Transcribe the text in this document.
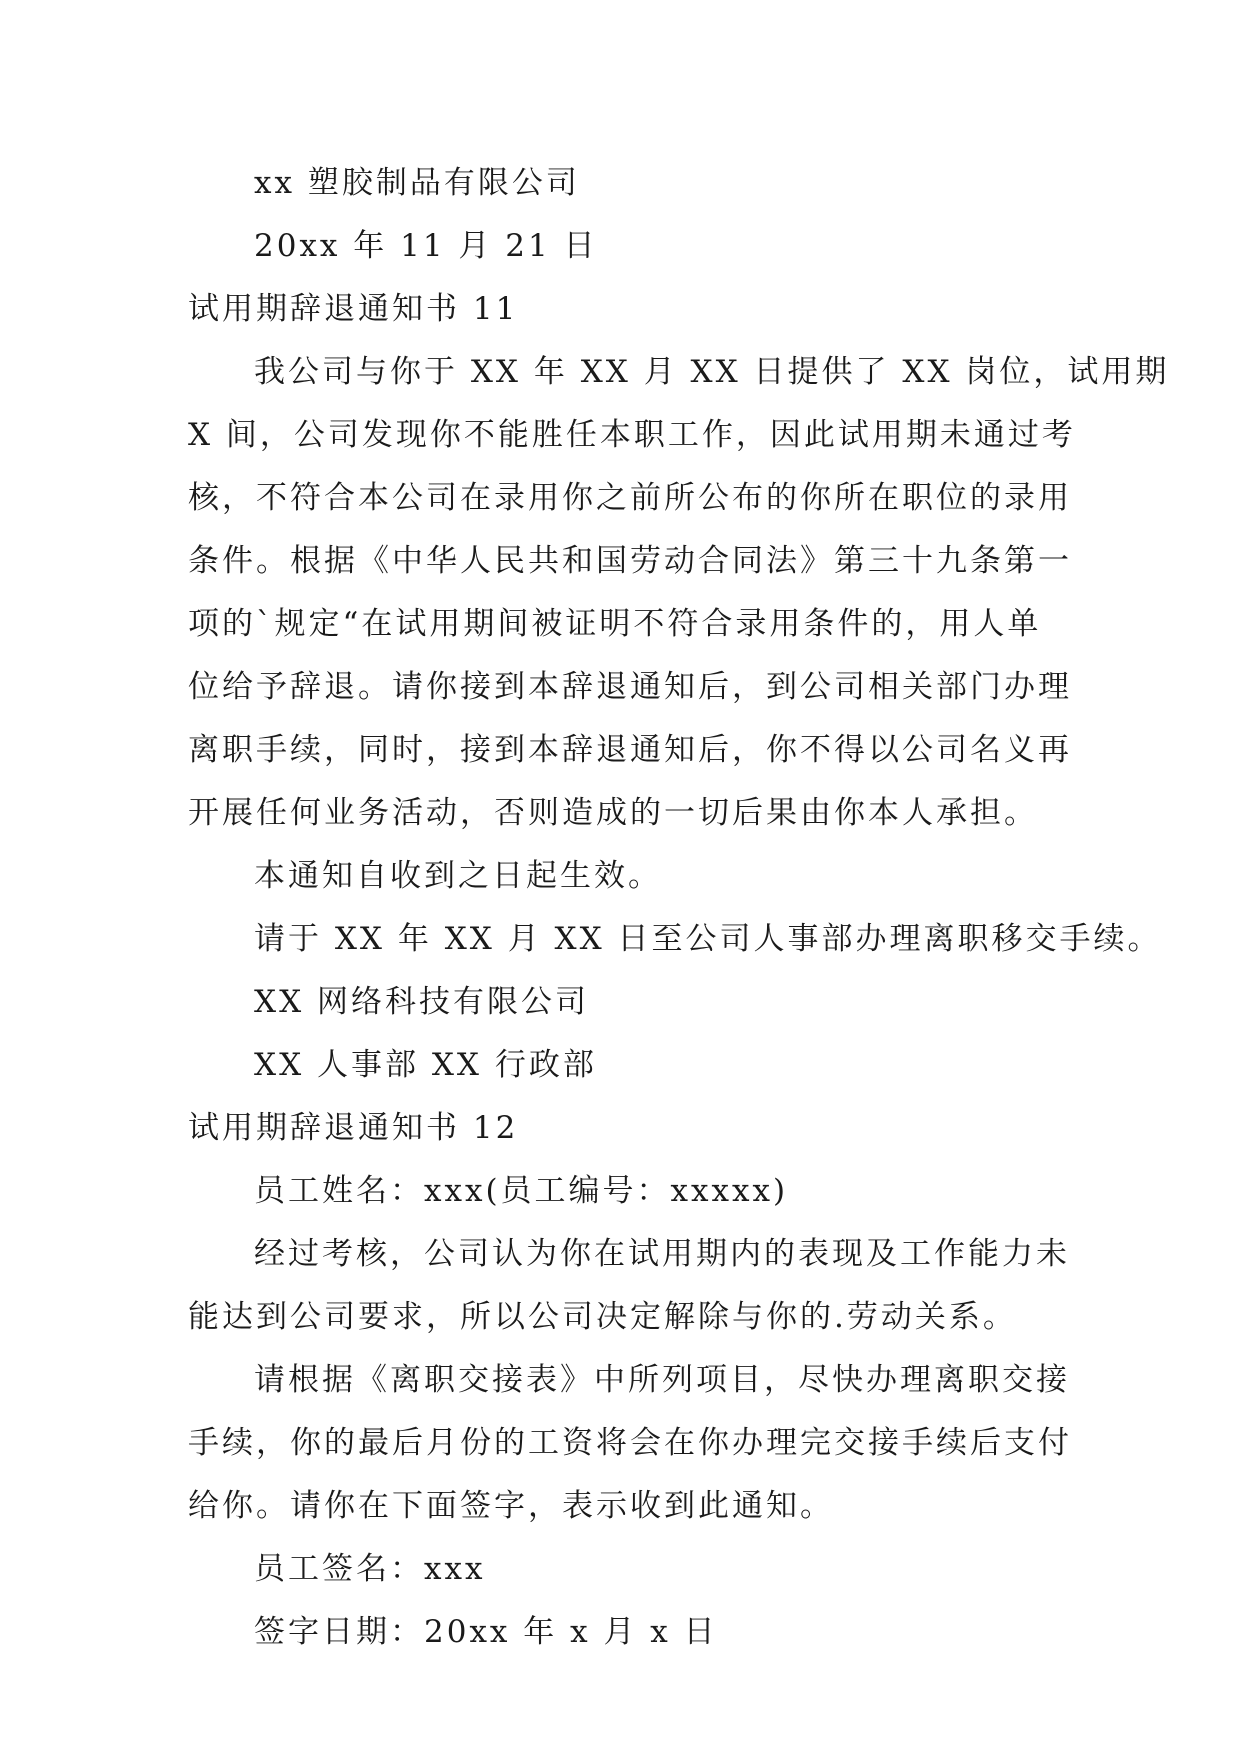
xx 塑胶制品有限公司
20xx 年 11 月 21 日
试用期辞退通知书 11
我公司与你于 XX 年 XX 月 XX 日提供了 XX 岗位，试用期
X 间，公司发现你不能胜任本职工作，因此试用期未通过考
核，不符合本公司在录用你之前所公布的你所在职位的录用
条件。根据《中华人民共和国劳动合同法》第三十九条第一
项的`规定“在试用期间被证明不符合录用条件的，用人单
位给予辞退。请你接到本辞退通知后，到公司相关部门办理
离职手续，同时，接到本辞退通知后，你不得以公司名义再
开展任何业务活动，否则造成的一切后果由你本人承担。
本通知自收到之日起生效。
请于 XX 年 XX 月 XX 日至公司人事部办理离职移交手续。
XX 网络科技有限公司
XX 人事部 XX 行政部
试用期辞退通知书 12
员工姓名：xxx(员工编号：xxxxx)
经过考核，公司认为你在试用期内的表现及工作能力未
能达到公司要求，所以公司决定解除与你的.劳动关系。
请根据《离职交接表》中所列项目，尽快办理离职交接
手续，你的最后月份的工资将会在你办理完交接手续后支付
给你。请你在下面签字，表示收到此通知。
员工签名：xxx
签字日期：20xx 年 x 月 x 日
